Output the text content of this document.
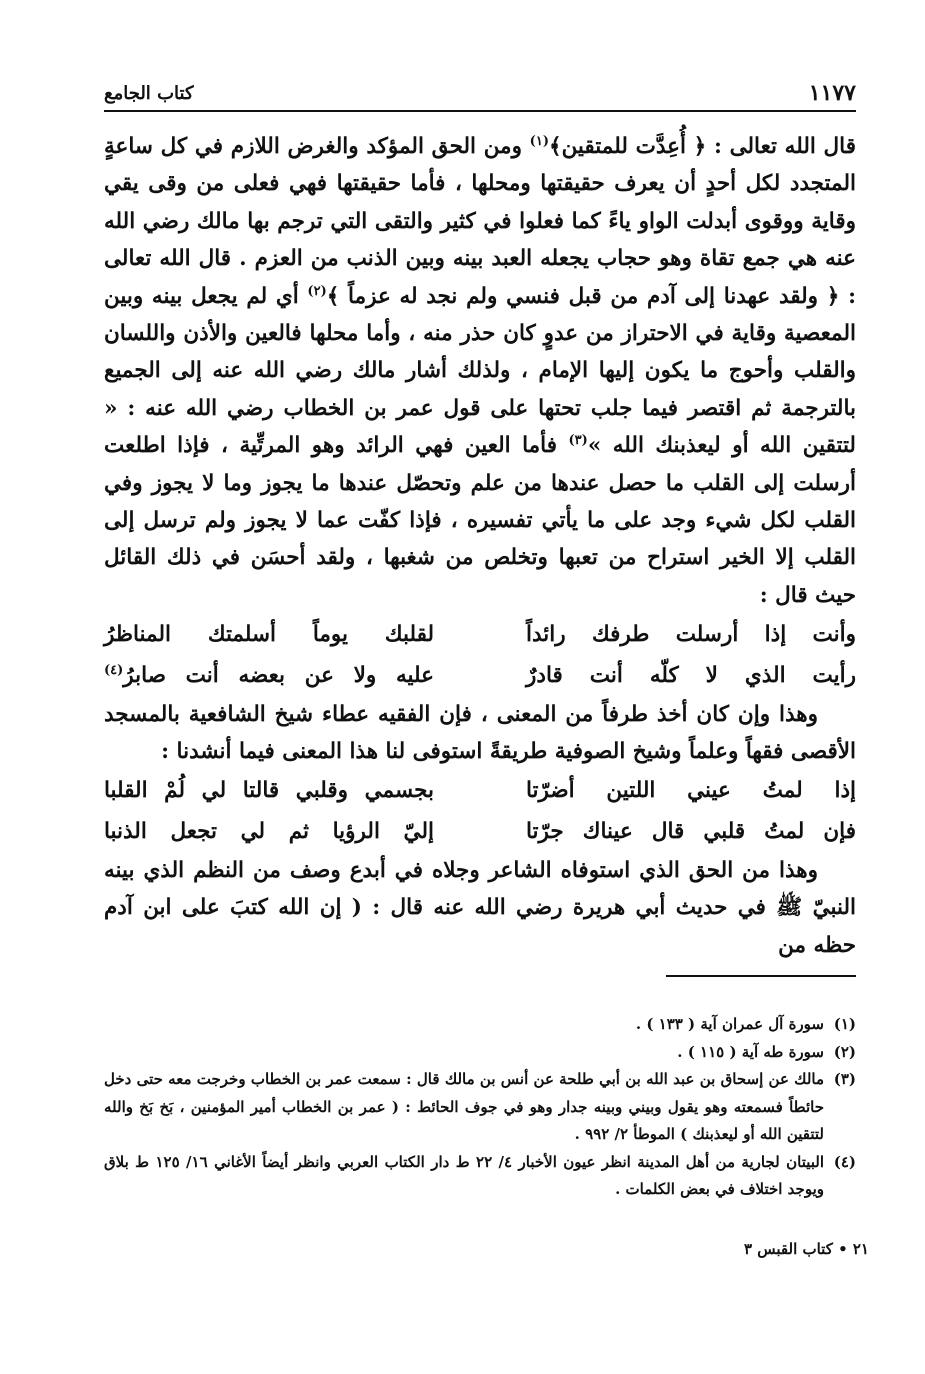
١١٧٧
كتاب الجامع

قال الله تعالى : ﴿ أُعِدَّت للمتقين﴾$^{(١)}$ ومن الحق المؤكد والغرض اللازم في كل ساعةٍ المتجدد لكل أحدٍ أن يعرف حقيقتها ومحلها ، فأما حقيقتها فهي فعلى من وقى يقي وقاية ووقوى أبدلت الواو ياءً كما فعلوا في كثير والتقى التي ترجم بها مالك رضي الله عنه هي جمع تقاة وهو حجاب يجعله العبد بينه وبين الذنب من العزم . قال الله تعالى : ﴿ ولقد عهدنا إلى آدم من قبل فنسي ولم نجد له عزماً ﴾$^{(٢)}$ أي لم يجعل بينه وبين المعصية وقاية في الاحتراز من عدوٍ كان حذر منه ، وأما محلها فالعين والأذن واللسان والقلب وأحوج ما يكون إليها الإمام ، ولذلك أشار مالك رضي الله عنه إلى الجميع بالترجمة ثم اقتصر فيما جلب تحتها على قول عمر بن الخطاب رضي الله عنه : « لتتقين الله أو ليعذبنك الله »$^{(٣)}$ فأما العين فهي الرائد وهو المرتِّية ، فإذا اطلعت أرسلت إلى القلب ما حصل عندها من علم وتحصّل عندها ما يجوز وما لا يجوز وفي القلب لكل شيء وجد على ما يأتي تفسيره ، فإذا كفّت عما لا يجوز ولم ترسل إلى القلب إلا الخير استراح من تعبها وتخلص من شغبها ، ولقد أحسَن في ذلك القائل حيث قال :

وأنت إذا أرسلت طرفك رائداً
لقلبك يوماً أسلمتك المناظرُ
رأيت الذي لا كلّه أنت قادرٌ
عليه ولا عن بعضه أنت صابرُ$^{(٤)}$

وهذا وإن كان أخذ طرفاً من المعنى ، فإن الفقيه عطاء شيخ الشافعية بالمسجد الأقصى فقهاً وعلماً وشيخ الصوفية طريقةً استوفى لنا هذا المعنى فيما أنشدنا :

إذا لمتُ عيني اللتين أضرّتا
بجسمي وقلبي قالتا لي لُمْ القلبا
فإن لمتُ قلبي قال عيناك جرّتا
إليّ الرؤيا ثم لي تجعل الذنبا

وهذا من الحق الذي استوفاه الشاعر وجلاه في أبدع وصف من النظم الذي بينه النبيّ ﷺ في حديث أبي هريرة رضي الله عنه قال : ( إن الله كتبَ على ابن آدم حظه من

(١)
سورة آل عمران آية ( ١٣٣ ) .
(٢)
سورة طه آية ( ١١٥ ) .
(٣)
مالك عن إسحاق بن عبد الله بن أبي طلحة عن أنس بن مالك قال : سمعت عمر بن الخطاب وخرجت معه حتى دخل حائطاً فسمعته وهو يقول وبيني وبينه جدار وهو في جوف الحائط : ( عمر بن الخطاب أمير المؤمنين ، بَخ بَخ والله لتتقين الله أو ليعذبنك ) الموطأ ٢/ ٩٩٢ .
(٤)
البيتان لجارية من أهل المدينة انظر عيون الأخبار ٤/ ٢٢ ط دار الكتاب العربي وانظر أيضاً الأغاني ١٦/ ١٢٥ ط بلاق ويوجد اختلاف في بعض الكلمات .
٢١ • كتاب القبس ٣
